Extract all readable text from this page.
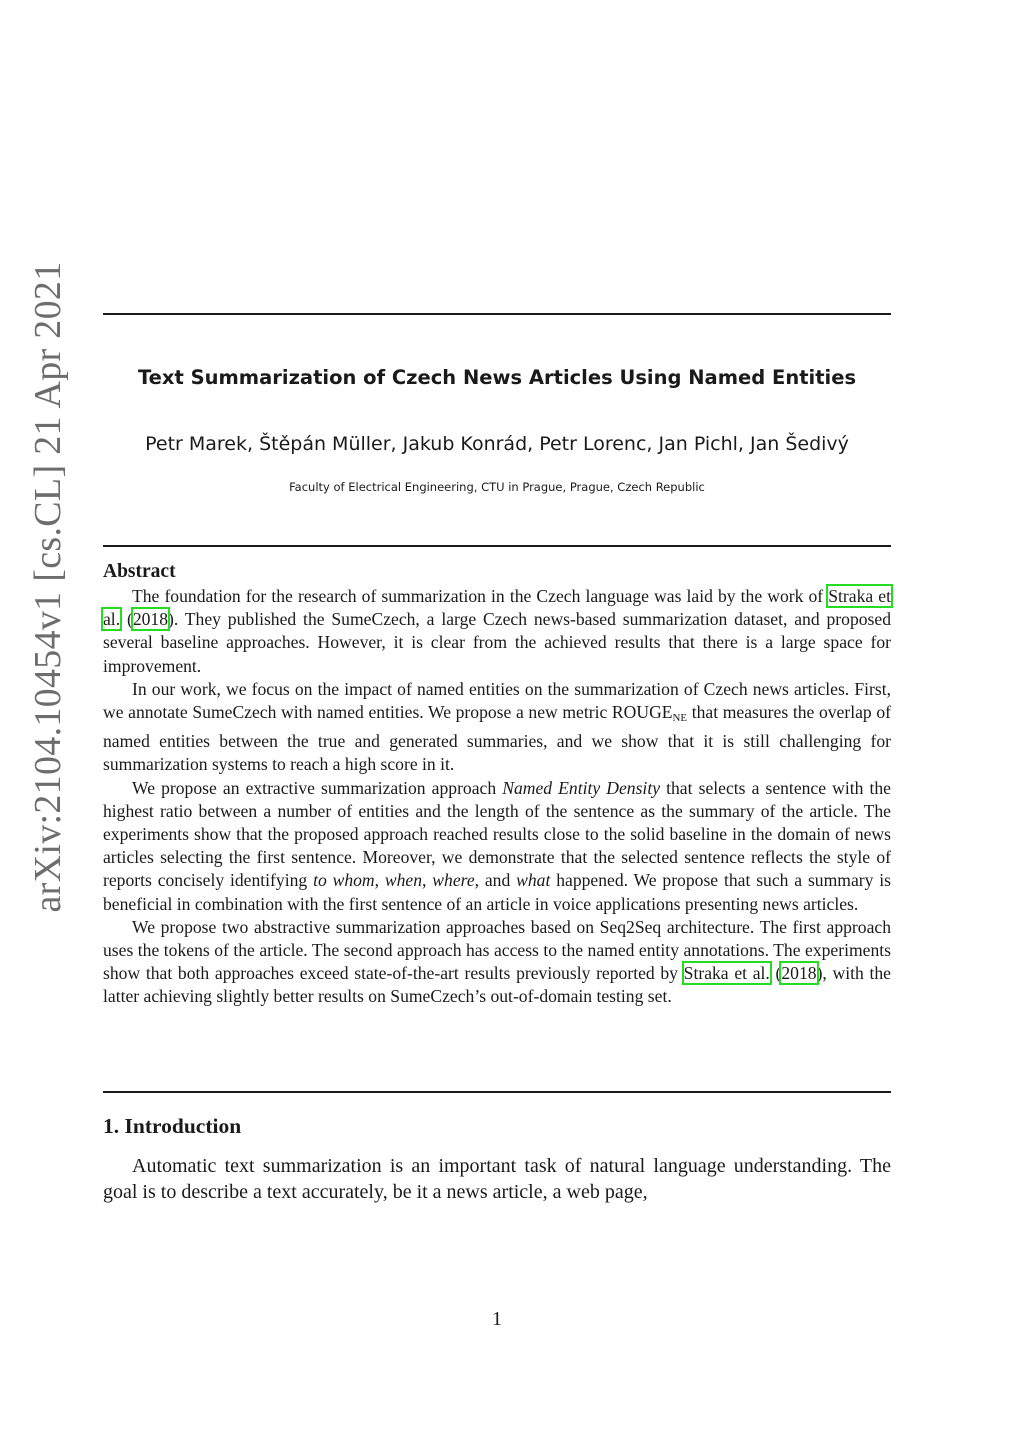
arXiv:2104.10454v1 [cs.CL] 21 Apr 2021	Text Summarization of Czech News Articles Using Named Entities
Petr Marek, Štěpán Müller, Jakub Konrád, Petr Lorenc, Jan Pichl, Jan Šedivý
Faculty of Electrical Engineering, CTU in Prague, Prague, Czech Republic
Abstract

The foundation for the research of summarization in the Czech language was laid by the work of Straka et al. (2018). They published the SumeCzech, a large Czech news-based summarization dataset, and proposed several baseline approaches. However, it is clear from the achieved results that there is a large space for improvement.

In our work, we focus on the impact of named entities on the summarization of Czech news articles. First, we annotate SumeCzech with named entities. We propose a new metric $ROUGE_{NE}$ that measures the overlap of named entities between the true and generated summaries, and we show that it is still challenging for summarization systems to reach a high score in it.

We propose an extractive summarization approach Named Entity Density that selects a sentence with the highest ratio between a number of entities and the length of the sentence as the summary of the article. The experiments show that the proposed approach reached results close to the solid baseline in the domain of news articles selecting the first sentence. Moreover, we demonstrate that the selected sentence reflects the style of reports concisely identifying to whom, when, where, and what happened. We propose that such a summary is beneficial in combination with the first sentence of an article in voice applications presenting news articles.

We propose two abstractive summarization approaches based on Seq2Seq architecture. The first approach uses the tokens of the article. The second approach has access to the named entity annotations. The experiments show that both approaches exceed state-of-the-art results previously reported by Straka et al. (2018), with the latter achieving slightly better results on SumeCzech’s out-of-domain testing set.

1. Introduction

Automatic text summarization is an important task of natural language understanding. The goal is to describe a text accurately, be it a news article, a web page,

1
